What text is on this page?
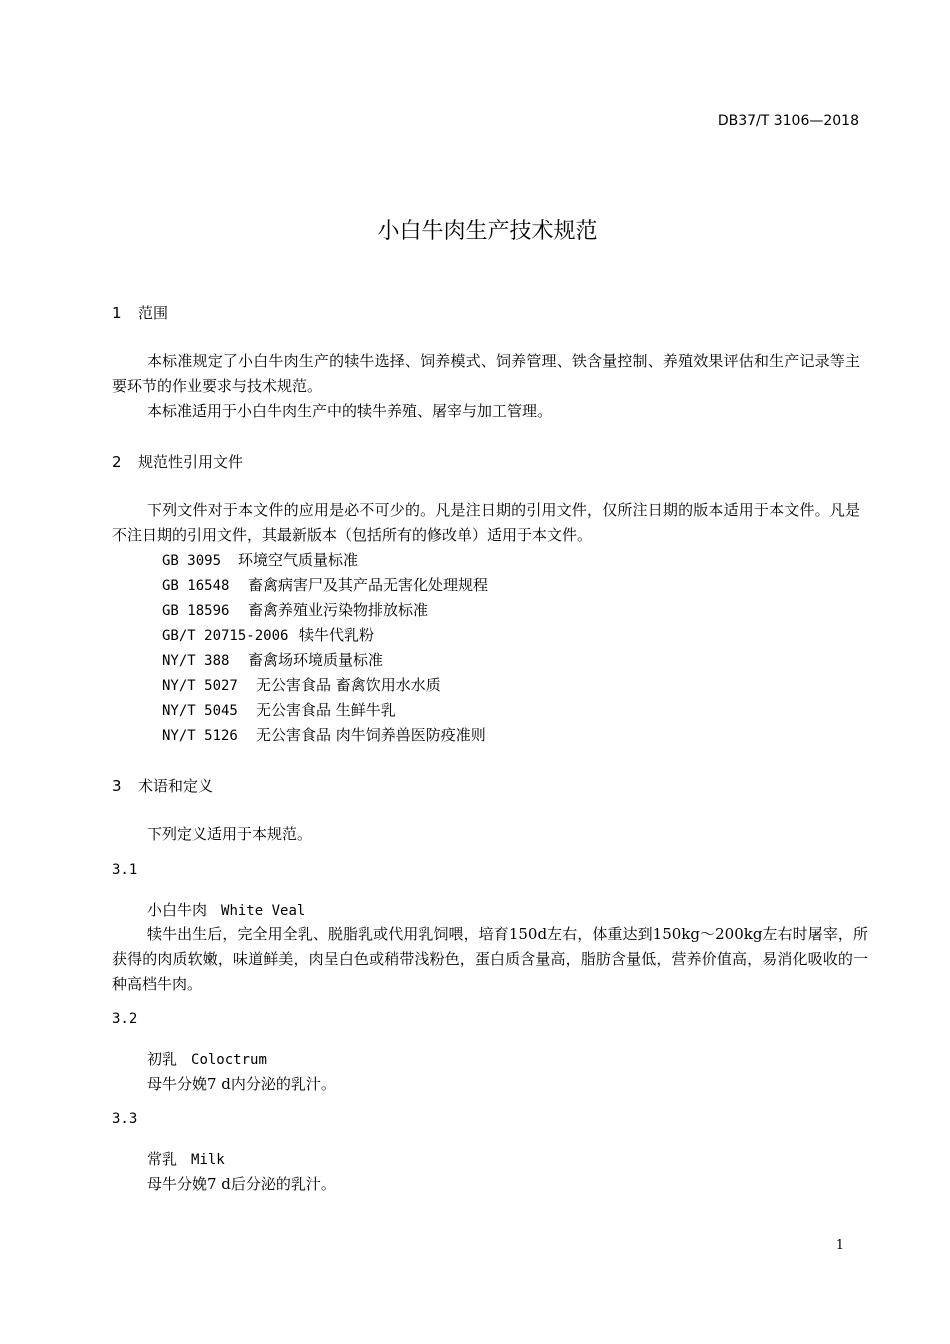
DB37/T 3106—2018
小白牛肉生产技术规范
1 范围
本标准规定了小白牛肉生产的犊牛选择、饲养模式、饲养管理、铁含量控制、养殖效果评估和生产记录等主要环节的作业要求与技术规范。
本标准适用于小白牛肉生产中的犊牛养殖、屠宰与加工管理。
2 规范性引用文件
下列文件对于本文件的应用是必不可少的。凡是注日期的引用文件，仅所注日期的版本适用于本文件。凡是不注日期的引用文件，其最新版本（包括所有的修改单）适用于本文件。
GB 3095 环境空气质量标准
GB 16548 畜禽病害尸及其产品无害化处理规程
GB 18596 畜禽养殖业污染物排放标准
GB/T 20715-2006 犊牛代乳粉
NY/T 388 畜禽场环境质量标准
NY/T 5027 无公害食品 畜禽饮用水水质
NY/T 5045 无公害食品 生鲜牛乳
NY/T 5126 无公害食品 肉牛饲养兽医防疫准则
3 术语和定义
下列定义适用于本规范。
3.1
小白牛肉 White Veal
犊牛出生后，完全用全乳、脱脂乳或代用乳饲喂，培育150d左右，体重达到150kg～200kg左右时屠宰，所获得的肉质软嫩，味道鲜美，肉呈白色或稍带浅粉色，蛋白质含量高，脂肪含量低，营养价值高，易消化吸收的一种高档牛肉。
3.2
初乳 Coloctrum
母牛分娩7 d内分泌的乳汁。
3.3
常乳 Milk
母牛分娩7 d后分泌的乳汁。
1
